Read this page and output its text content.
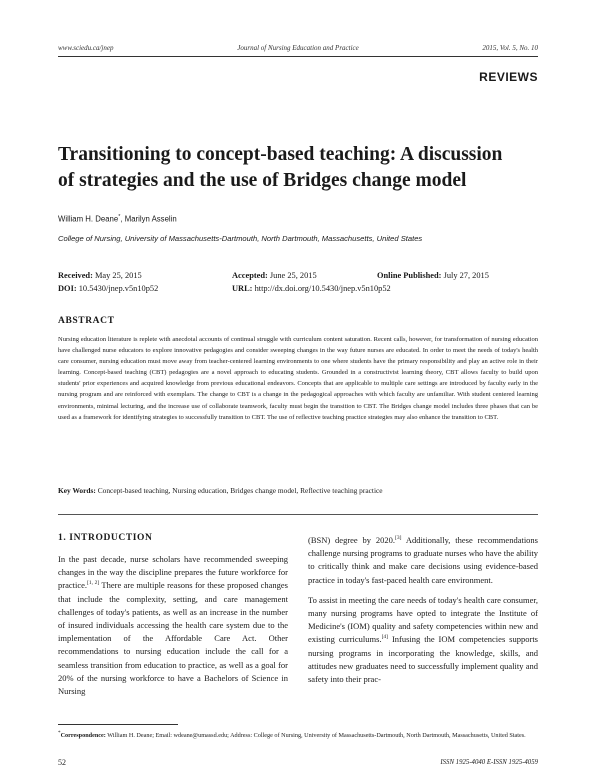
www.sciedu.ca/jnep	Journal of Nursing Education and Practice	2015, Vol. 5, No. 10
REVIEWS
Transitioning to concept-based teaching: A discussion
of strategies and the use of Bridges change model
William H. Deane*, Marilyn Asselin
College of Nursing, University of Massachusetts-Dartmouth, North Dartmouth, Massachusetts, United States
Received: May 25, 2015	Accepted: June 25, 2015	Online Published: July 27, 2015
DOI: 10.5430/jnep.v5n10p52	URL: http://dx.doi.org/10.5430/jnep.v5n10p52
ABSTRACT
Nursing education literature is replete with anecdotal accounts of continual struggle with curriculum content saturation. Recent calls, however, for transformation of nursing education have challenged nurse educators to explore innovative pedagogies and consider sweeping changes in the way future nurses are educated. In order to meet the needs of today's health care consumer, nursing education must move away from teacher-centered learning environments to one where students have the primary responsibility and play an active role in their learning. Concept-based teaching (CBT) pedagogies are a novel approach to educating students. Grounded in a constructivist learning theory, CBT allows faculty to build upon students' prior experiences and acquired knowledge from previous educational endeavors. Concepts that are applicable to multiple care settings are introduced by faculty early in the nursing program and are reinforced with exemplars. The change to CBT is a change in the pedagogical approaches with which faculty are unfamiliar. With student centered learning environments, minimal lecturing, and the increase use of collaborate teamwork, faculty must begin the transition to CBT. The Bridges change model includes three phases that can be used as a framework for identifying strategies to successfully transition to CBT. The use of reflective teaching practice strategies may also enhance the transition to CBT.
Key Words: Concept-based teaching, Nursing education, Bridges change model, Reflective teaching practice
1. INTRODUCTION

In the past decade, nurse scholars have recommended sweeping changes in the way the discipline prepares the future workforce for practice.[1, 2] There are multiple reasons for these proposed changes that include the complexity, setting, and care management challenges of today's patients, as well as an increase in the number of insured individuals accessing the health care system due to the implementation of the Affordable Care Act. Other recommendations to nursing education include the call for a seamless transition from education to practice, as well as a goal for 20% of the nursing workforce to have a Bachelors of Science in Nursing

(BSN) degree by 2020.[3] Additionally, these recommendations challenge nursing programs to graduate nurses who have the ability to critically think and make care decisions using evidence-based practice in today's fast-paced health care environment.

To assist in meeting the care needs of today's health care consumer, many nursing programs have opted to integrate the Institute of Medicine's (IOM) quality and safety competencies within new and existing curriculums.[4] Infusing the IOM competencies supports nursing programs in incorporating the knowledge, skills, and attitudes new graduates need to successfully implement quality and safety into their prac-

*Correspondence: William H. Deane; Email: wdeane@umassd.edu; Address: College of Nursing, University of Massachusetts-Dartmouth, North Dartmouth, Massachusetts, United States.
52	ISSN 1925-4040 E-ISSN 1925-4059
